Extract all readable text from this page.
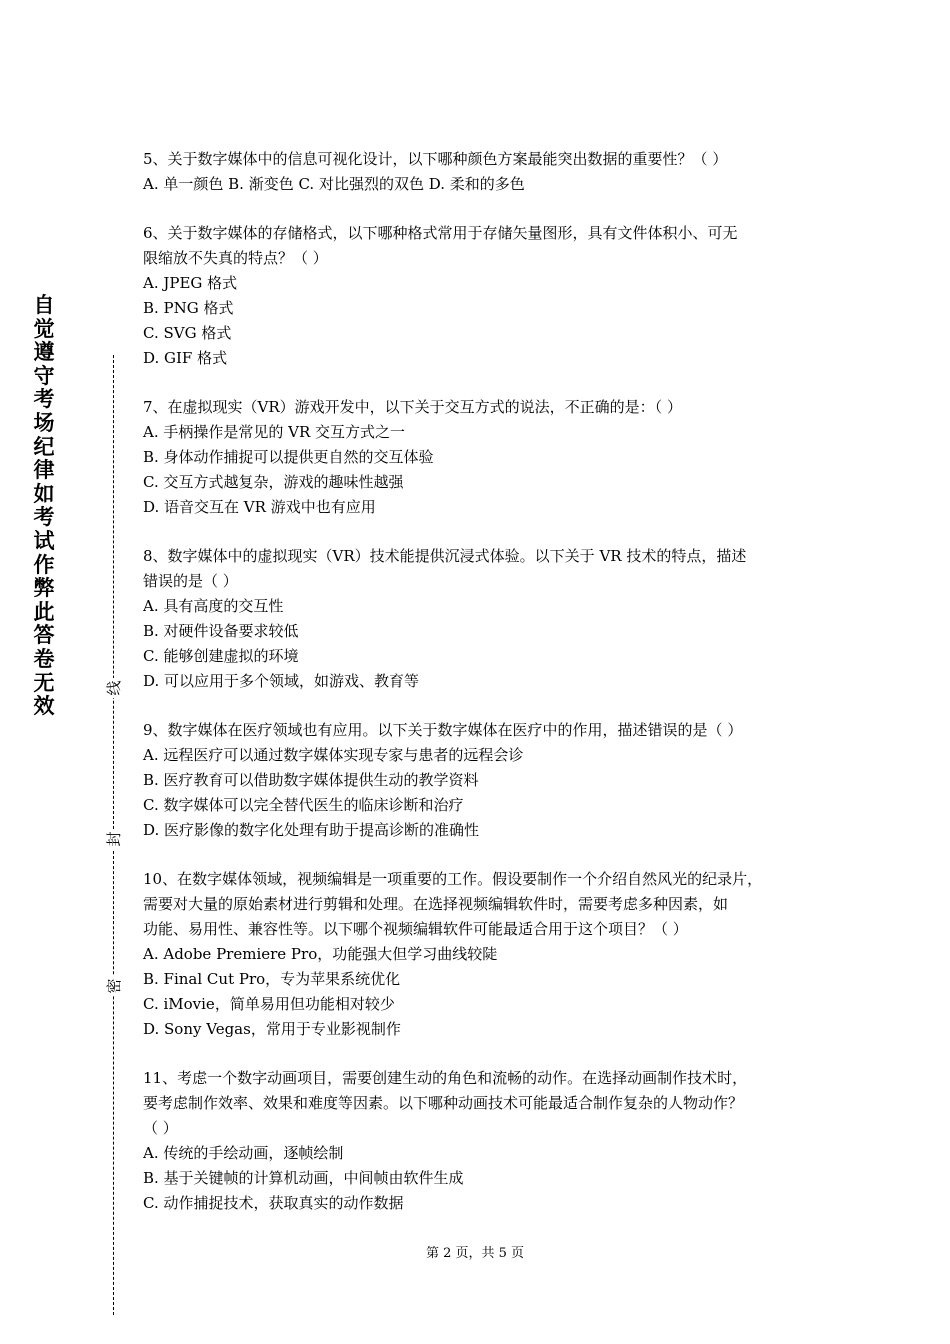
自觉遵守考场纪律如考试作弊此答卷无效
线
封
密
5、关于数字媒体中的信息可视化设计，以下哪种颜色方案最能突出数据的重要性？（ ）
A. 单一颜色 B. 渐变色 C. 对比强烈的双色 D. 柔和的多色
6、关于数字媒体的存储格式，以下哪种格式常用于存储矢量图形，具有文件体积小、可无
限缩放不失真的特点？（ ）
A. JPEG 格式
B. PNG 格式
C. SVG 格式
D. GIF 格式
7、在虚拟现实（VR）游戏开发中，以下关于交互方式的说法，不正确的是：（ ）
A. 手柄操作是常见的 VR 交互方式之一
B. 身体动作捕捉可以提供更自然的交互体验
C. 交互方式越复杂，游戏的趣味性越强
D. 语音交互在 VR 游戏中也有应用
8、数字媒体中的虚拟现实（VR）技术能提供沉浸式体验。以下关于 VR 技术的特点，描述
错误的是（ ）
A. 具有高度的交互性
B. 对硬件设备要求较低
C. 能够创建虚拟的环境
D. 可以应用于多个领域，如游戏、教育等
9、数字媒体在医疗领域也有应用。以下关于数字媒体在医疗中的作用，描述错误的是（ ）
A. 远程医疗可以通过数字媒体实现专家与患者的远程会诊
B. 医疗教育可以借助数字媒体提供生动的教学资料
C. 数字媒体可以完全替代医生的临床诊断和治疗
D. 医疗影像的数字化处理有助于提高诊断的准确性
10、在数字媒体领域，视频编辑是一项重要的工作。假设要制作一个介绍自然风光的纪录片，
需要对大量的原始素材进行剪辑和处理。在选择视频编辑软件时，需要考虑多种因素，如
功能、易用性、兼容性等。以下哪个视频编辑软件可能最适合用于这个项目？（ ）
A. Adobe Premiere Pro，功能强大但学习曲线较陡
B. Final Cut Pro，专为苹果系统优化
C. iMovie，简单易用但功能相对较少
D. Sony Vegas，常用于专业影视制作
11、考虑一个数字动画项目，需要创建生动的角色和流畅的动作。在选择动画制作技术时，
要考虑制作效率、效果和难度等因素。以下哪种动画技术可能最适合制作复杂的人物动作？
（ ）
A. 传统的手绘动画，逐帧绘制
B. 基于关键帧的计算机动画，中间帧由软件生成
C. 动作捕捉技术，获取真实的动作数据
第 2 页，共 5 页
